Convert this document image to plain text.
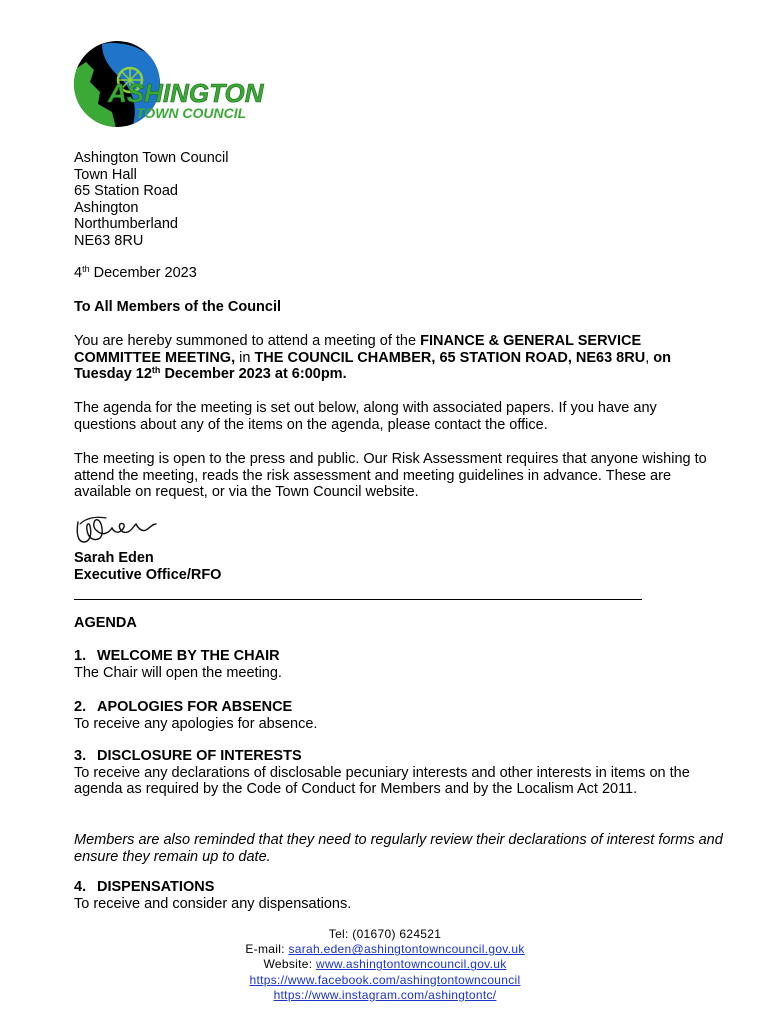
ASHINGTON
TOWN COUNCIL
Ashington Town Council
Town Hall
65 Station Road
Ashington
Northumberland
NE63 8RU
4th December 2023
To All Members of the Council
You are hereby summoned to attend a meeting of the FINANCE & GENERAL SERVICE COMMITTEE MEETING, in THE COUNCIL CHAMBER, 65 STATION ROAD, NE63 8RU, on Tuesday 12th December 2023 at 6:00pm.
The agenda for the meeting is set out below, along with associated papers. If you have any questions about any of the items on the agenda, please contact the office.
The meeting is open to the press and public. Our Risk Assessment requires that anyone wishing to attend the meeting, reads the risk assessment and meeting guidelines in advance. These are available on request, or via the Town Council website.
Sarah Eden
Executive Office/RFO
AGENDA
1. WELCOME BY THE CHAIR
The Chair will open the meeting.
2. APOLOGIES FOR ABSENCE
To receive any apologies for absence.
3. DISCLOSURE OF INTERESTS
To receive any declarations of disclosable pecuniary interests and other interests in items on the agenda as required by the Code of Conduct for Members and by the Localism Act 2011.
Members are also reminded that they need to regularly review their declarations of interest forms and ensure they remain up to date.
4. DISPENSATIONS
To receive and consider any dispensations.
Tel: (01670) 624521
E-mail: sarah.eden@ashingtontowncouncil.gov.uk
Website: www.ashingtontowncouncil.gov.uk
https://www.facebook.com/ashingtontowncouncil
https://www.instagram.com/ashingtontc/
